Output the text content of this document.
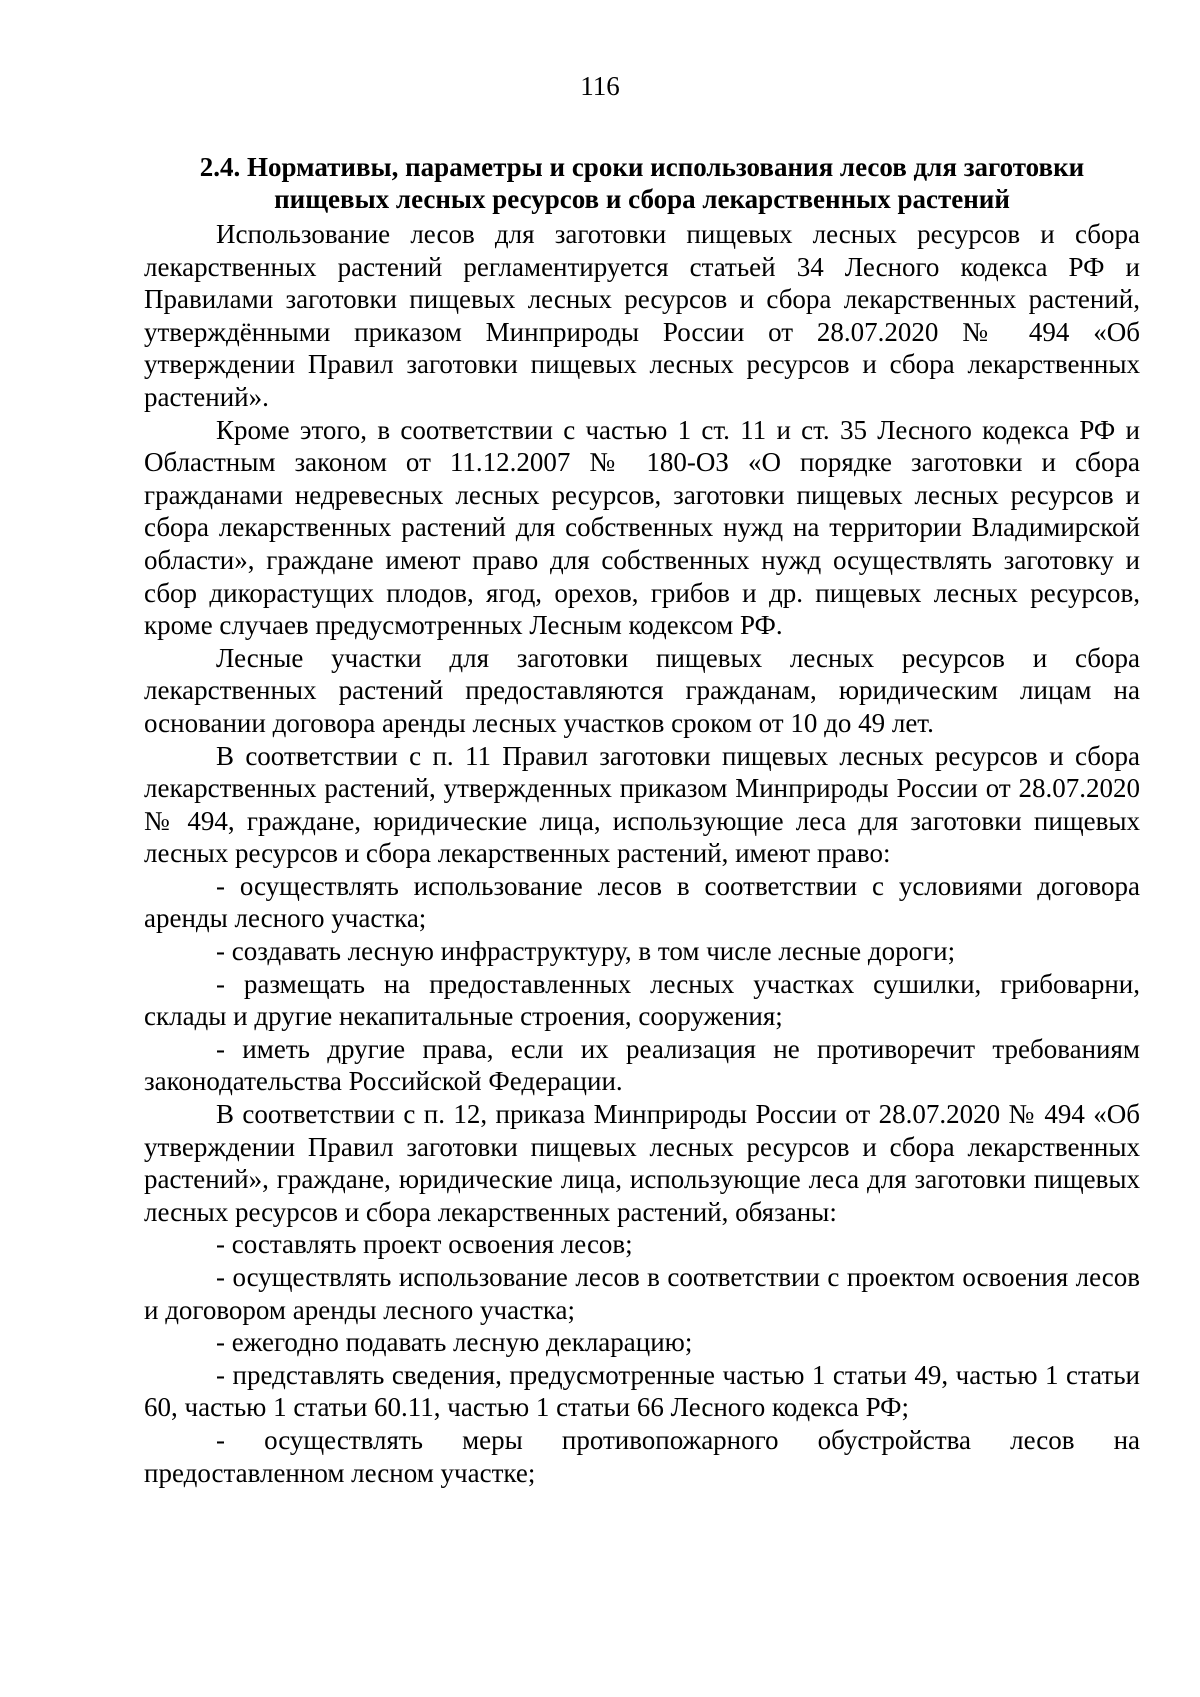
116
2.4. Нормативы, параметры и сроки использования лесов для заготовки
пищевых лесных ресурсов и сбора лекарственных растений

Использование лесов для заготовки пищевых лесных ресурсов и сбора лекарственных растений регламентируется статьей 34 Лесного кодекса РФ и Правилами заготовки пищевых лесных ресурсов и сбора лекарственных растений, утверждёнными приказом Минприроды России от 28.07.2020 № 494 «Об утверждении Правил заготовки пищевых лесных ресурсов и сбора лекарственных растений».

Кроме этого, в соответствии с частью 1 ст. 11 и ст. 35 Лесного кодекса РФ и Областным законом от 11.12.2007 № 180-ОЗ «О порядке заготовки и сбора гражданами недревесных лесных ресурсов, заготовки пищевых лесных ресурсов и сбора лекарственных растений для собственных нужд на территории Владимирской области», граждане имеют право для собственных нужд осуществлять заготовку и сбор дикорастущих плодов, ягод, орехов, грибов и др. пищевых лесных ресурсов, кроме случаев предусмотренных Лесным кодексом РФ.

Лесные участки для заготовки пищевых лесных ресурсов и сбора лекарственных растений предоставляются гражданам, юридическим лицам на основании договора аренды лесных участков сроком от 10 до 49 лет.

В соответствии с п. 11 Правил заготовки пищевых лесных ресурсов и сбора лекарственных растений, утвержденных приказом Минприроды России от 28.07.2020 № 494, граждане, юридические лица, использующие леса для заготовки пищевых лесных ресурсов и сбора лекарственных растений, имеют право:

- осуществлять использование лесов в соответствии с условиями договора аренды лесного участка;

- создавать лесную инфраструктуру, в том числе лесные дороги;

- размещать на предоставленных лесных участках сушилки, грибоварни, склады и другие некапитальные строения, сооружения;

- иметь другие права, если их реализация не противоречит требованиям законодательства Российской Федерации.

В соответствии с п. 12, приказа Минприроды России от 28.07.2020 № 494 «Об утверждении Правил заготовки пищевых лесных ресурсов и сбора лекарственных растений», граждане, юридические лица, использующие леса для заготовки пищевых лесных ресурсов и сбора лекарственных растений, обязаны:

- составлять проект освоения лесов;

- осуществлять использование лесов в соответствии с проектом освоения лесов и договором аренды лесного участка;

- ежегодно подавать лесную декларацию;

- представлять сведения, предусмотренные частью 1 статьи 49, частью 1 статьи 60, частью 1 статьи 60.11, частью 1 статьи 66 Лесного кодекса РФ;

- осуществлять меры противопожарного обустройства лесов на предоставленном лесном участке;
